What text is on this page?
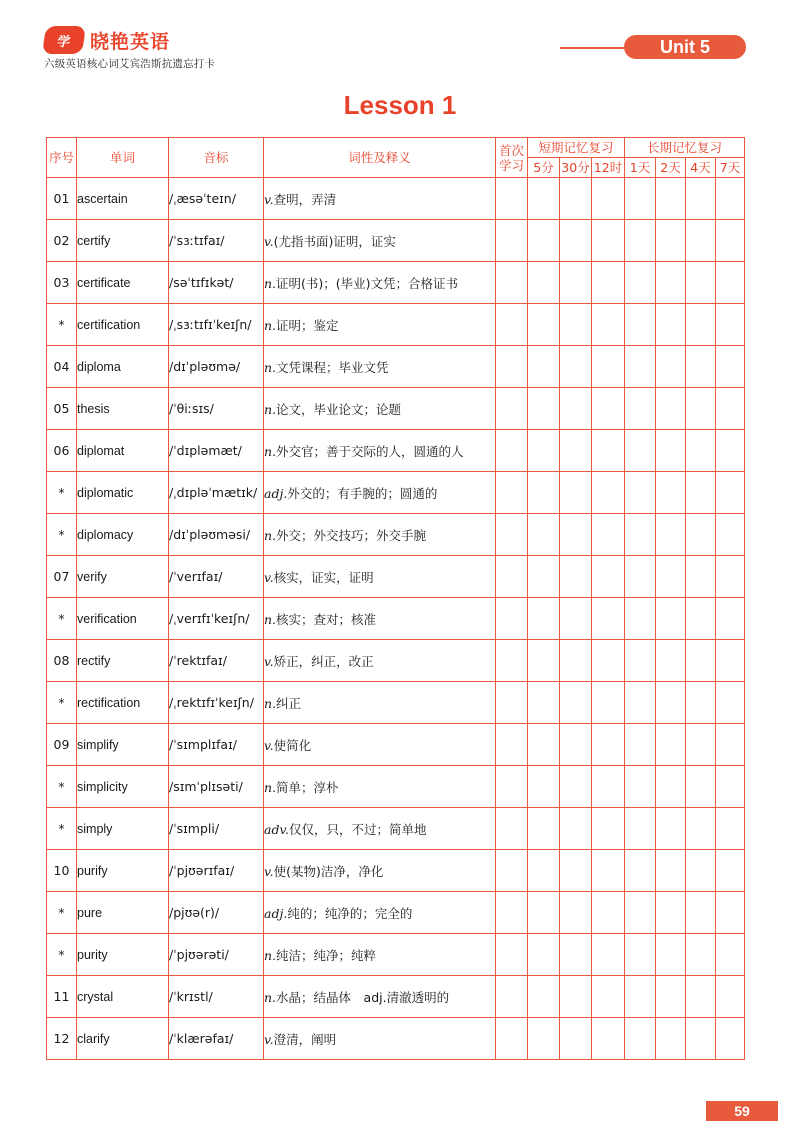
学 晓艳英语
六级英语核心词艾宾浩斯抗遗忘打卡
Unit 5
Lesson 1
序号	单词	音标	词性及释义	首次学习	短期记忆复习			长期记忆复习			
					5分	30分	12时	1天	2天	4天	7天
01	ascertain	/ˌæsəˈteɪn/	v.查明，弄清								
02	certify	/ˈsɜːtɪfaɪ/	v.(尤指书面)证明，证实								
03	certificate	/səˈtɪfɪkət/	n.证明(书)；(毕业)文凭；合格证书								
*	certification	/ˌsɜːtɪfɪˈkeɪʃn/	n.证明；鉴定								
04	diploma	/dɪˈpləʊmə/	n.文凭课程；毕业文凭								
05	thesis	/ˈθiːsɪs/	n.论文，毕业论文；论题								
06	diplomat	/ˈdɪpləmæt/	n.外交官；善于交际的人，圆通的人								
*	diplomatic	/ˌdɪpləˈmætɪk/	adj.外交的；有手腕的；圆通的								
*	diplomacy	/dɪˈpləʊməsi/	n.外交；外交技巧；外交手腕								
07	verify	/ˈverɪfaɪ/	v.核实，证实，证明								
*	verification	/ˌverɪfɪˈkeɪʃn/	n.核实；查对；核准								
08	rectify	/ˈrektɪfaɪ/	v.矫正，纠正，改正								
*	rectification	/ˌrektɪfɪˈkeɪʃn/	n.纠正								
09	simplify	/ˈsɪmplɪfaɪ/	v.使简化								
*	simplicity	/sɪmˈplɪsəti/	n.简单；淳朴								
*	simply	/ˈsɪmpli/	adv.仅仅，只，不过；简单地								
10	purify	/ˈpjʊərɪfaɪ/	v.使(某物)洁净，净化								
*	pure	/pjʊə(r)/	adj.纯的；纯净的；完全的								
*	purity	/ˈpjʊərəti/	n.纯洁；纯净；纯粹								
11	crystal	/ˈkrɪstl/	n.水晶；结晶体　adj.清澈透明的								
12	clarify	/ˈklærəfaɪ/	v.澄清，阐明								
59
